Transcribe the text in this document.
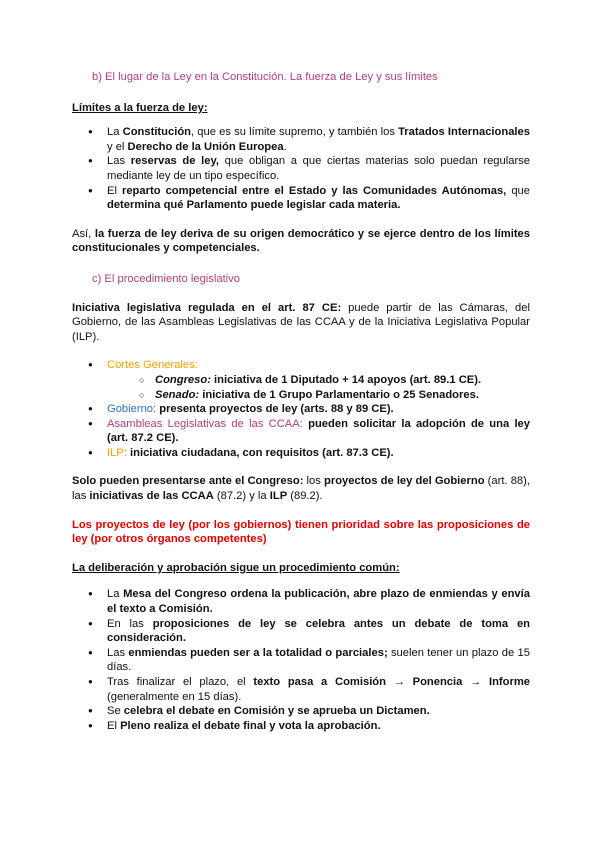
b) El lugar de la Ley en la Constitución. La fuerza de Ley y sus límites
Límites a la fuerza de ley:
● La Constitución, que es su límite supremo, y también los Tratados Internacionales y el Derecho de la Unión Europea.
● Las reservas de ley, que obligan a que ciertas materias solo puedan regularse mediante ley de un tipo específico.
● El reparto competencial entre el Estado y las Comunidades Autónomas, que determina qué Parlamento puede legislar cada materia.
Así, la fuerza de ley deriva de su origen democrático y se ejerce dentro de los límites constitucionales y competenciales.
c) El procedimiento legislativo
Iniciativa legislativa regulada en el art. 87 CE: puede partir de las Cámaras, del Gobierno, de las Asambleas Legislativas de las CCAA y de la Iniciativa Legislativa Popular (ILP).
● Cortes Generales:
○ Congreso: iniciativa de 1 Diputado + 14 apoyos (art. 89.1 CE).
○ Senado: iniciativa de 1 Grupo Parlamentario o 25 Senadores.
● Gobierno: presenta proyectos de ley (arts. 88 y 89 CE).
● Asambleas Legislativas de las CCAA: pueden solicitar la adopción de una ley (art. 87.2 CE).
● ILP: iniciativa ciudadana, con requisitos (art. 87.3 CE).
Solo pueden presentarse ante el Congreso: los proyectos de ley del Gobierno (art. 88), las iniciativas de las CCAA (87.2) y la ILP (89.2).
Los proyectos de ley (por los gobiernos) tienen prioridad sobre las proposiciones de ley (por otros órganos competentes)
La deliberación y aprobación sigue un procedimiento común:
● La Mesa del Congreso ordena la publicación, abre plazo de enmiendas y envía el texto a Comisión.
● En las proposiciones de ley se celebra antes un debate de toma en consideración.
● Las enmiendas pueden ser a la totalidad o parciales; suelen tener un plazo de 15 días.
● Tras finalizar el plazo, el texto pasa a Comisión → Ponencia → Informe (generalmente en 15 días).
● Se celebra el debate en Comisión y se aprueba un Dictamen.
● El Pleno realiza el debate final y vota la aprobación.
